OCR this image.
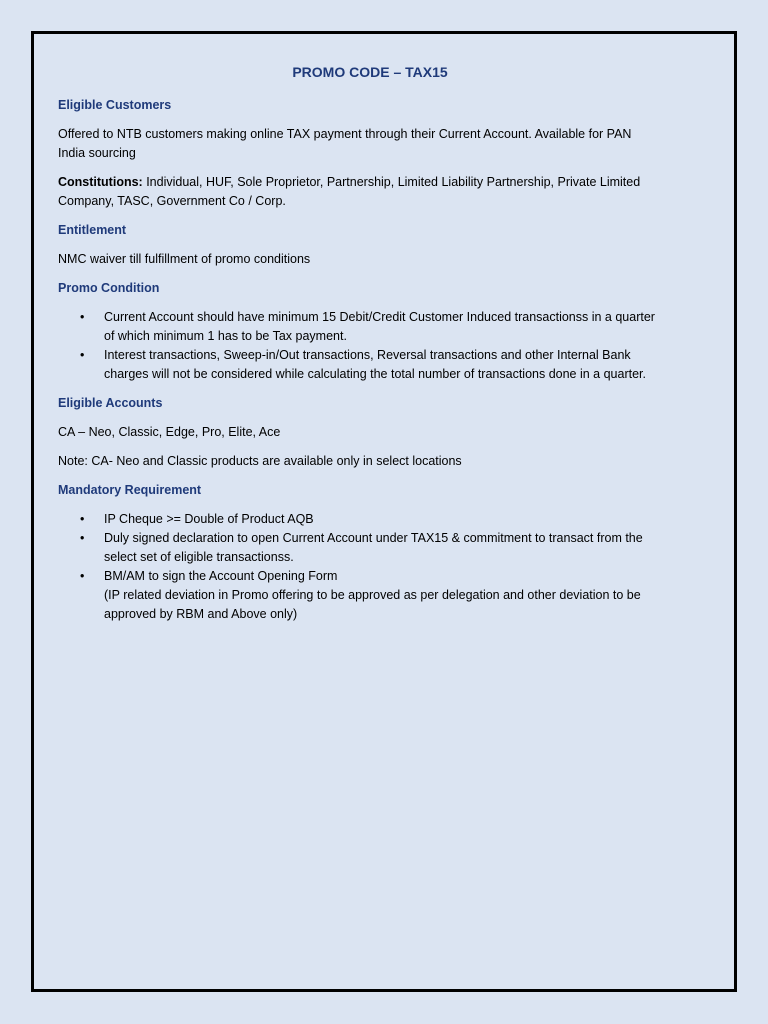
PROMO CODE – TAX15
Eligible Customers

Offered to NTB customers making online TAX payment through their Current Account. Available for PAN India sourcing

Constitutions: Individual, HUF, Sole Proprietor, Partnership, Limited Liability Partnership, Private Limited Company, TASC, Government Co / Corp.

Entitlement

NMC waiver till fulfillment of promo conditions

Promo Condition
• Current Account should have minimum 15 Debit/Credit Customer Induced transactionss in a quarter of which minimum 1 has to be Tax payment.
• Interest transactions, Sweep-in/Out transactions, Reversal transactions and other Internal Bank charges will not be considered while calculating the total number of transactions done in a quarter.
Eligible Accounts

CA – Neo, Classic, Edge, Pro, Elite, Ace

Note: CA- Neo and Classic products are available only in select locations

Mandatory Requirement
• IP Cheque >= Double of Product AQB
• Duly signed declaration to open Current Account under TAX15 & commitment to transact from the select set of eligible transactionss.
• BM/AM to sign the Account Opening Form
(IP related deviation in Promo offering to be approved as per delegation and other deviation to be approved by RBM and Above only)
